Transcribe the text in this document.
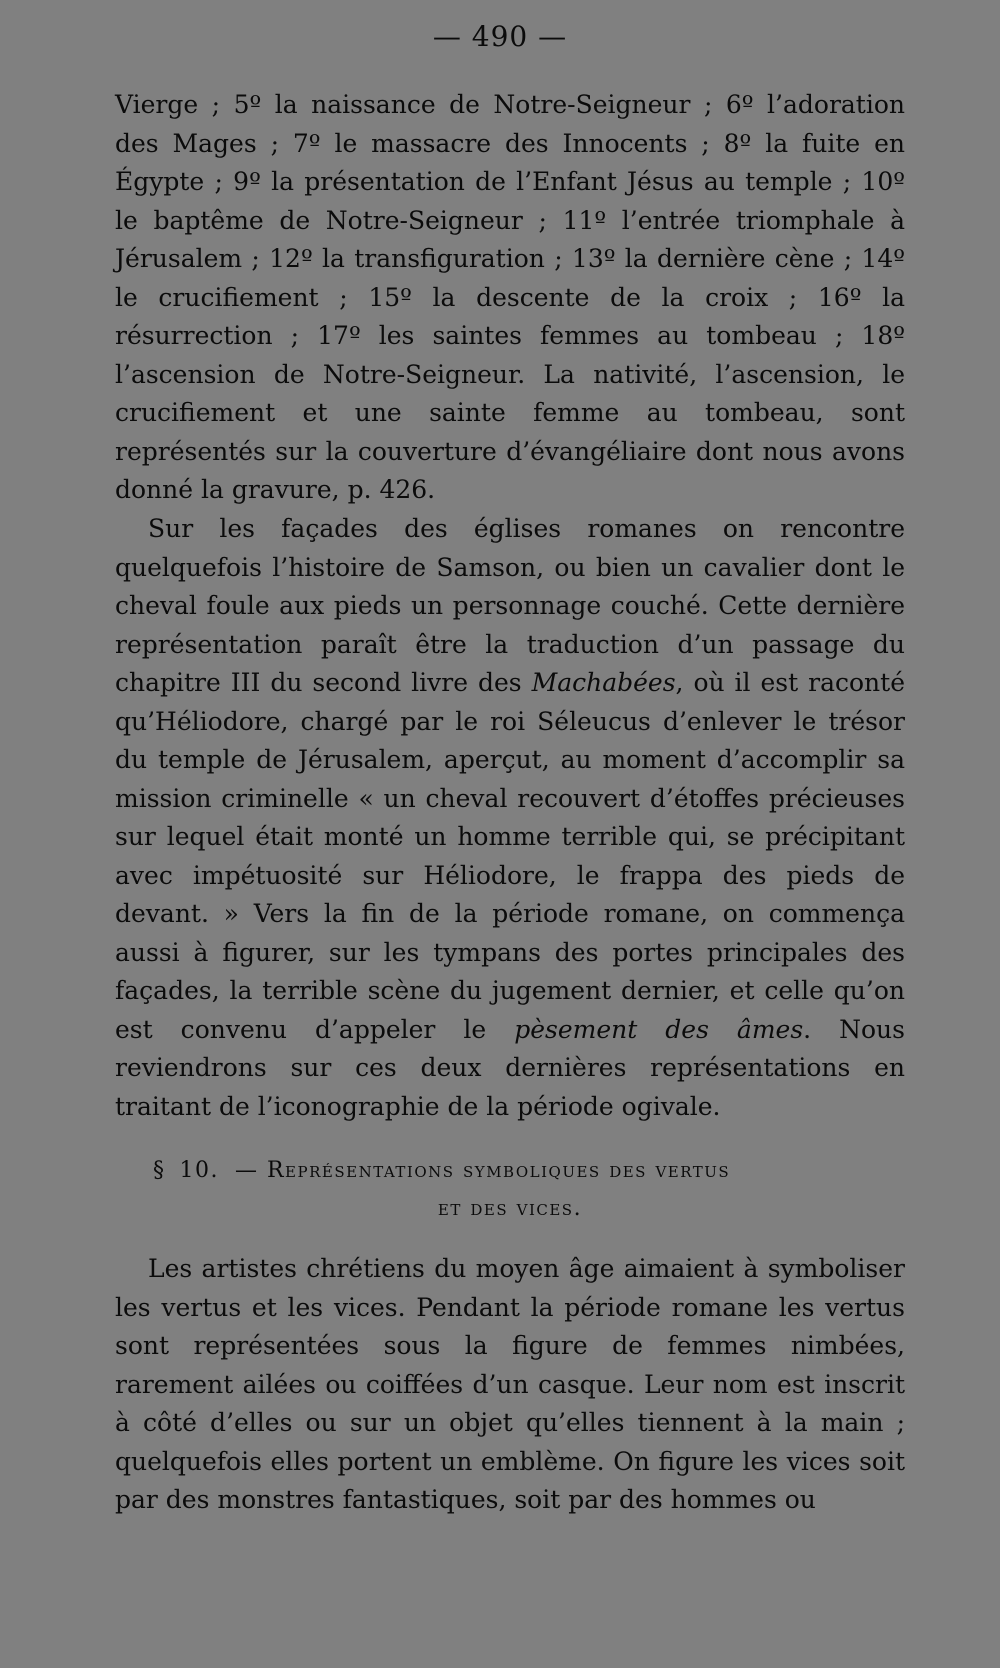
— 490 —

Vierge ; 5º la naissance de Notre-Seigneur ; 6º l’adoration des Mages ; 7º le massacre des Innocents ; 8º la fuite en Égypte ; 9º la présentation de l’Enfant Jésus au temple ; 10º le baptême de Notre-Seigneur ; 11º l’entrée triomphale à Jérusalem ; 12º la transfiguration ; 13º la dernière cène ; 14º le crucifiement ; 15º la descente de la croix ; 16º la résurrection ; 17º les saintes femmes au tombeau ; 18º l’ascension de Notre-Seigneur. La nativité, l’ascension, le crucifiement et une sainte femme au tombeau, sont représentés sur la couverture d’évangéliaire dont nous avons donné la gravure, p. 426.

Sur les façades des églises romanes on rencontre quelquefois l’histoire de Samson, ou bien un cavalier dont le cheval foule aux pieds un personnage couché. Cette dernière représentation paraît être la traduction d’un passage du chapitre III du second livre des Machabées, où il est raconté qu’Héliodore, chargé par le roi Séleucus d’enlever le trésor du temple de Jérusalem, aperçut, au moment d’accomplir sa mission criminelle « un cheval recouvert d’étoffes précieuses sur lequel était monté un homme terrible qui, se précipitant avec impétuosité sur Héliodore, le frappa des pieds de devant. » Vers la fin de la période romane, on commença aussi à figurer, sur les tympans des portes principales des façades, la terrible scène du jugement dernier, et celle qu’on est convenu d’appeler le pèsement des âmes. Nous reviendrons sur ces deux dernières représentations en traitant de l’iconographie de la période ogivale.

§ 10. — Représentations symboliques des vertus
et des vices.

Les artistes chrétiens du moyen âge aimaient à symboliser les vertus et les vices. Pendant la période romane les vertus sont représentées sous la figure de femmes nimbées, rarement ailées ou coiffées d’un casque. Leur nom est inscrit à côté d’elles ou sur un objet qu’elles tiennent à la main ; quelquefois elles portent un emblème. On figure les vices soit par des monstres fantastiques, soit par des hommes ou
